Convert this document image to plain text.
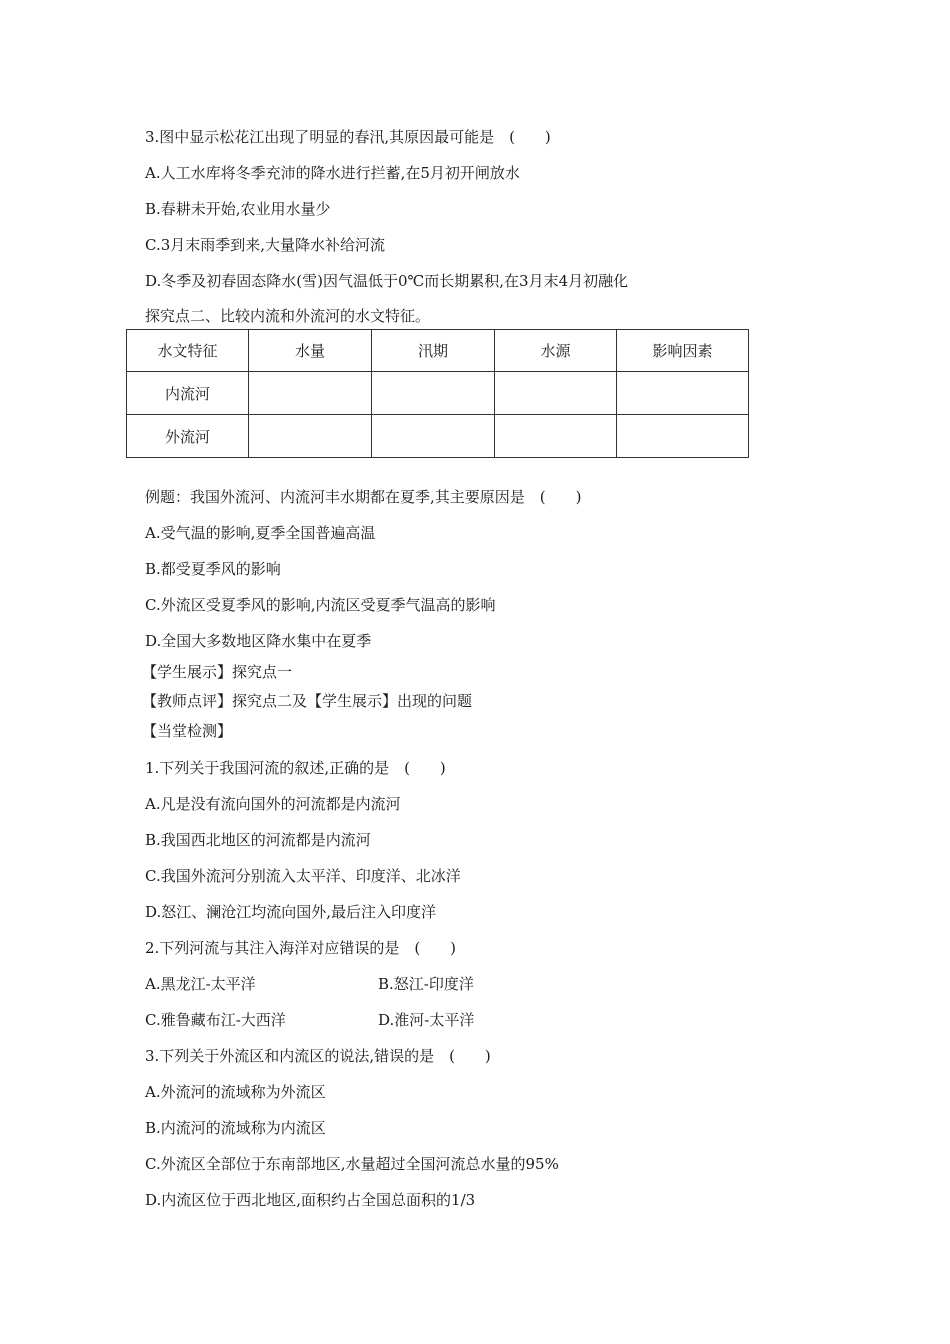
3.图中显示松花江出现了明显的春汛,其原因最可能是　(　　)
A.人工水库将冬季充沛的降水进行拦蓄,在5月初开闸放水
B.春耕未开始,农业用水量少
C.3月末雨季到来,大量降水补给河流
D.冬季及初春固态降水(雪)因气温低于0℃而长期累积,在3月末4月初融化
探究点二、比较内流和外流河的水文特征。
水文特征	水量	汛期	水源	影响因素
内流河				
外流河				
例题：我国外流河、内流河丰水期都在夏季,其主要原因是　(　　)
A.受气温的影响,夏季全国普遍高温
B.都受夏季风的影响
C.外流区受夏季风的影响,内流区受夏季气温高的影响
D.全国大多数地区降水集中在夏季
【学生展示】探究点一
【教师点评】探究点二及【学生展示】出现的问题
【当堂检测】
1.下列关于我国河流的叙述,正确的是　(　　)
A.凡是没有流向国外的河流都是内流河
B.我国西北地区的河流都是内流河
C.我国外流河分别流入太平洋、印度洋、北冰洋
D.怒江、澜沧江均流向国外,最后注入印度洋
2.下列河流与其注入海洋对应错误的是　(　　)
A.黑龙江-太平洋	B.怒江-印度洋
C.雅鲁藏布江-大西洋	D.淮河-太平洋
3.下列关于外流区和内流区的说法,错误的是　(　　)
A.外流河的流域称为外流区
B.内流河的流域称为内流区
C.外流区全部位于东南部地区,水量超过全国河流总水量的95%
D.内流区位于西北地区,面积约占全国总面积的1/3
